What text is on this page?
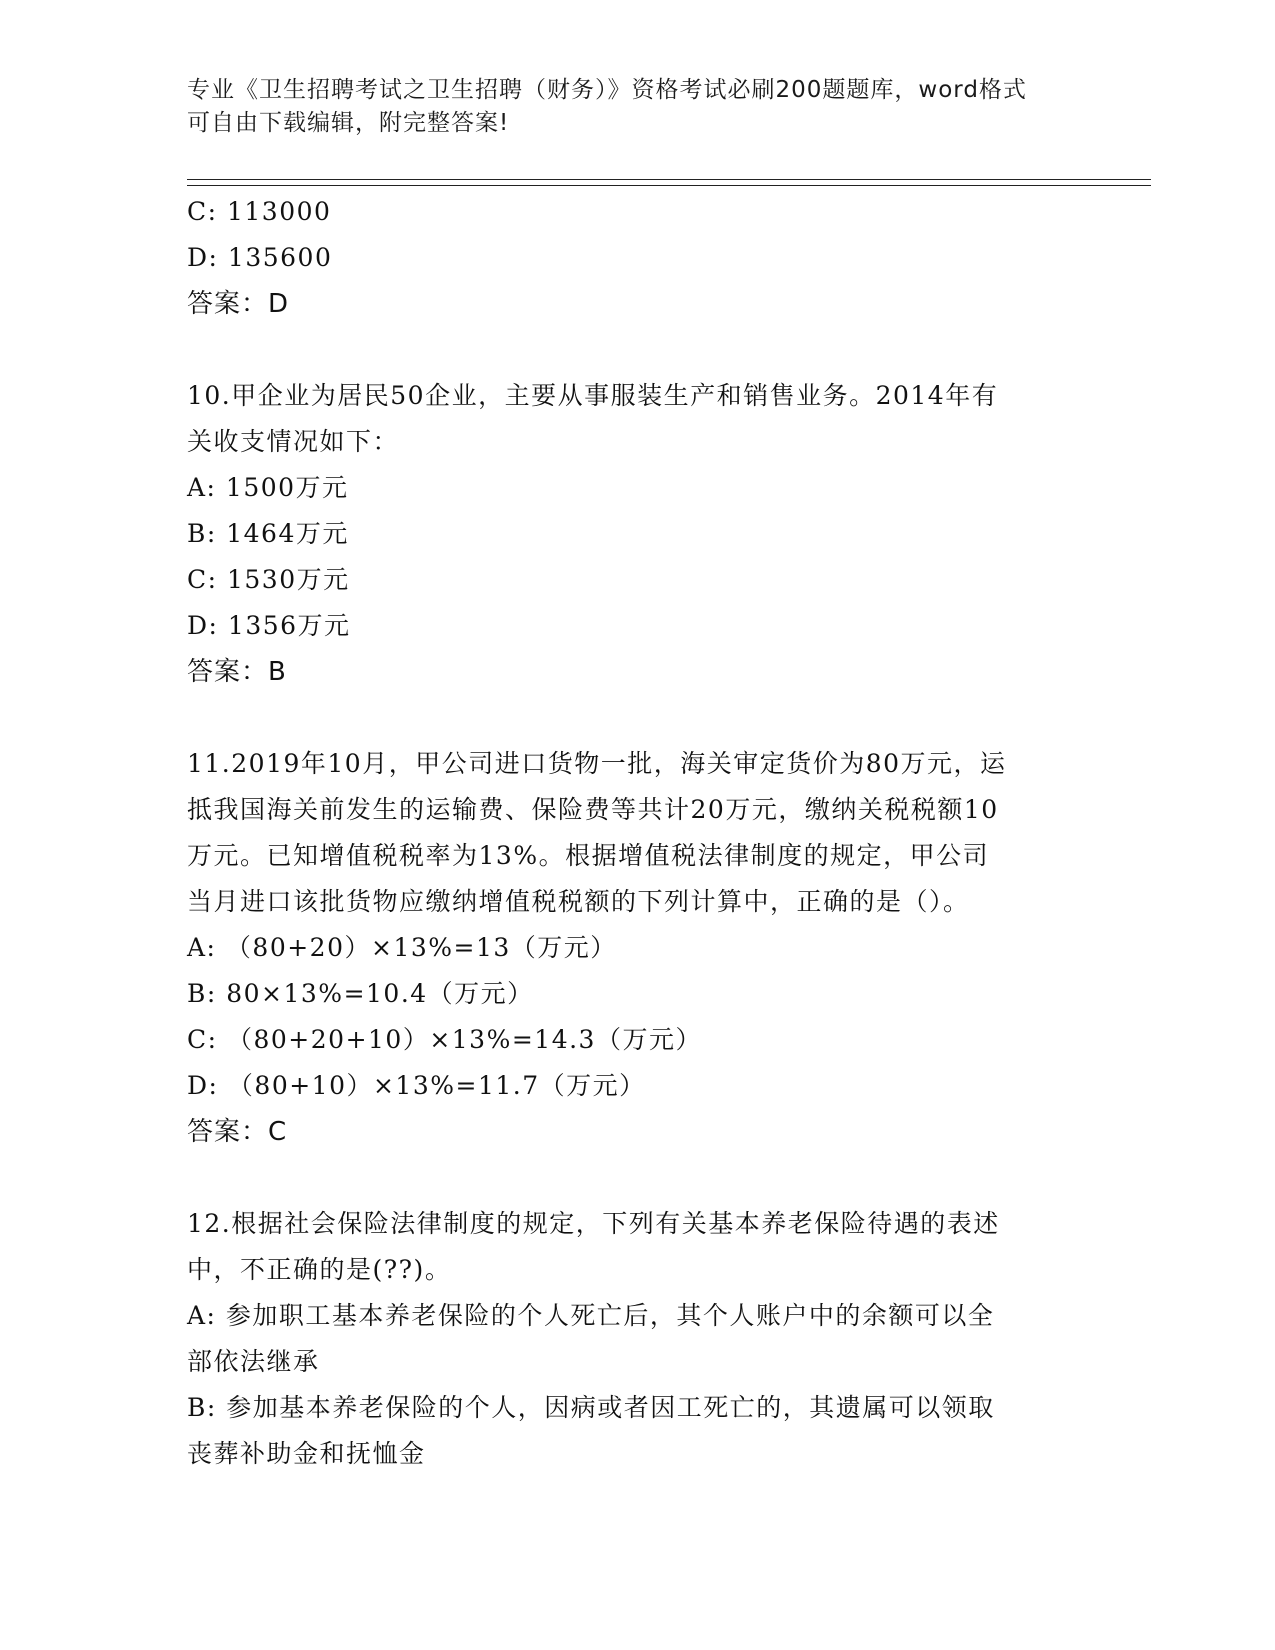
专业《卫生招聘考试之卫生招聘（财务）》资格考试必刷200题题库，word格式
可自由下载编辑，附完整答案!
C: 113000
D: 135600
答案：D
10.甲企业为居民50企业，主要从事服装生产和销售业务。2014年有
关收支情况如下：
A: 1500万元
B: 1464万元
C: 1530万元
D: 1356万元
答案：B
11.2019年10月，甲公司进口货物一批，海关审定货价为80万元，运
抵我国海关前发生的运输费、保险费等共计20万元，缴纳关税税额10
万元。已知增值税税率为13%。根据增值税法律制度的规定，甲公司
当月进口该批货物应缴纳增值税税额的下列计算中，正确的是（）。
A: （80+20）×13%=13（万元）
B: 80×13%=10.4（万元）
C: （80+20+10）×13%=14.3（万元）
D: （80+10）×13%=11.7（万元）
答案：C
12.根据社会保险法律制度的规定，下列有关基本养老保险待遇的表述
中，不正确的是(??)。
A: 参加职工基本养老保险的个人死亡后，其个人账户中的余额可以全
部依法继承
B: 参加基本养老保险的个人，因病或者因工死亡的，其遗属可以领取
丧葬补助金和抚恤金
